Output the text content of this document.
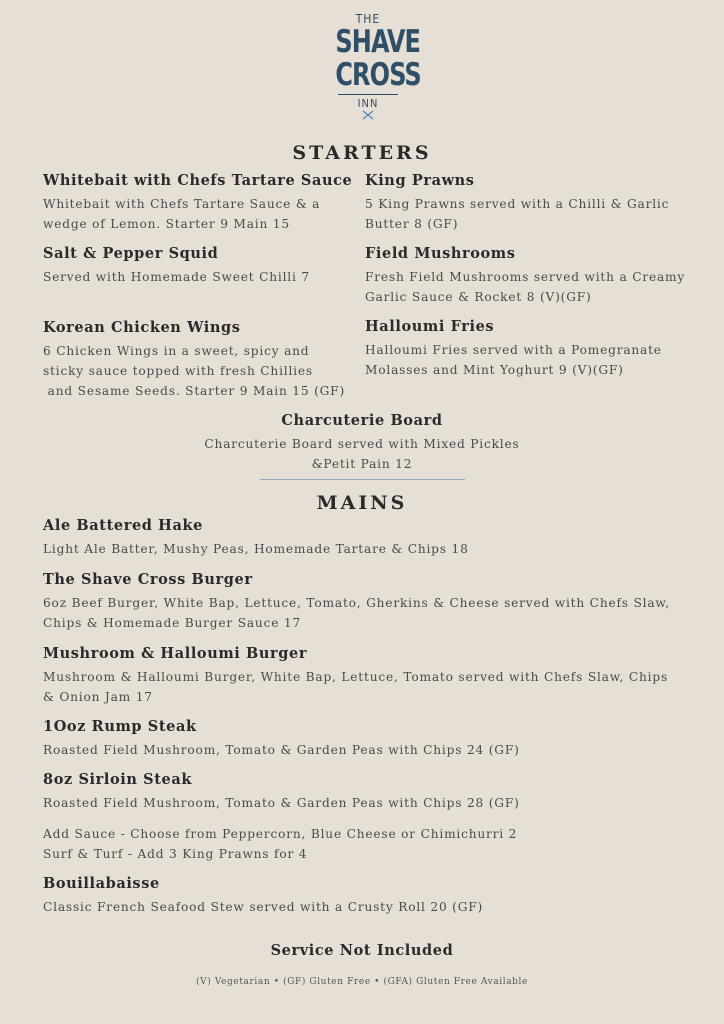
THE
SHAVE
CROSS
INN
STARTERS
Whitebait with Chefs Tartare Sauce
Whitebait with Chefs Tartare Sauce & a
wedge of Lemon. Starter 9 Main 15
Salt & Pepper Squid
Served with Homemade Sweet Chilli 7
Korean Chicken Wings
6 Chicken Wings in a sweet, spicy and
sticky sauce topped with fresh Chillies
and Sesame Seeds. Starter 9 Main 15 (GF)
King Prawns
5 King Prawns served with a Chilli & Garlic
Butter 8 (GF)
Field Mushrooms
Fresh Field Mushrooms served with a Creamy
Garlic Sauce & Rocket 8 (V)(GF)
Halloumi Fries
Halloumi Fries served with a Pomegranate
Molasses and Mint Yoghurt 9 (V)(GF)
Charcuterie Board
Charcuterie Board served with Mixed Pickles
&Petit Pain 12
MAINS
Ale Battered Hake
Light Ale Batter, Mushy Peas, Homemade Tartare & Chips 18
The Shave Cross Burger
6oz Beef Burger, White Bap, Lettuce, Tomato, Gherkins & Cheese served with Chefs Slaw,
Chips & Homemade Burger Sauce 17
Mushroom & Halloumi Burger
Mushroom & Halloumi Burger, White Bap, Lettuce, Tomato served with Chefs Slaw, Chips
& Onion Jam 17
1Ooz Rump Steak
Roasted Field Mushroom, Tomato & Garden Peas with Chips 24 (GF)
8oz Sirloin Steak
Roasted Field Mushroom, Tomato & Garden Peas with Chips 28 (GF)
Add Sauce - Choose from Peppercorn, Blue Cheese or Chimichurri 2
Surf & Turf - Add 3 King Prawns for 4
Bouillabaisse
Classic French Seafood Stew served with a Crusty Roll 20 (GF)
Service Not Included
(V) Vegetarian • (GF) Gluten Free • (GFA) Gluten Free Available
